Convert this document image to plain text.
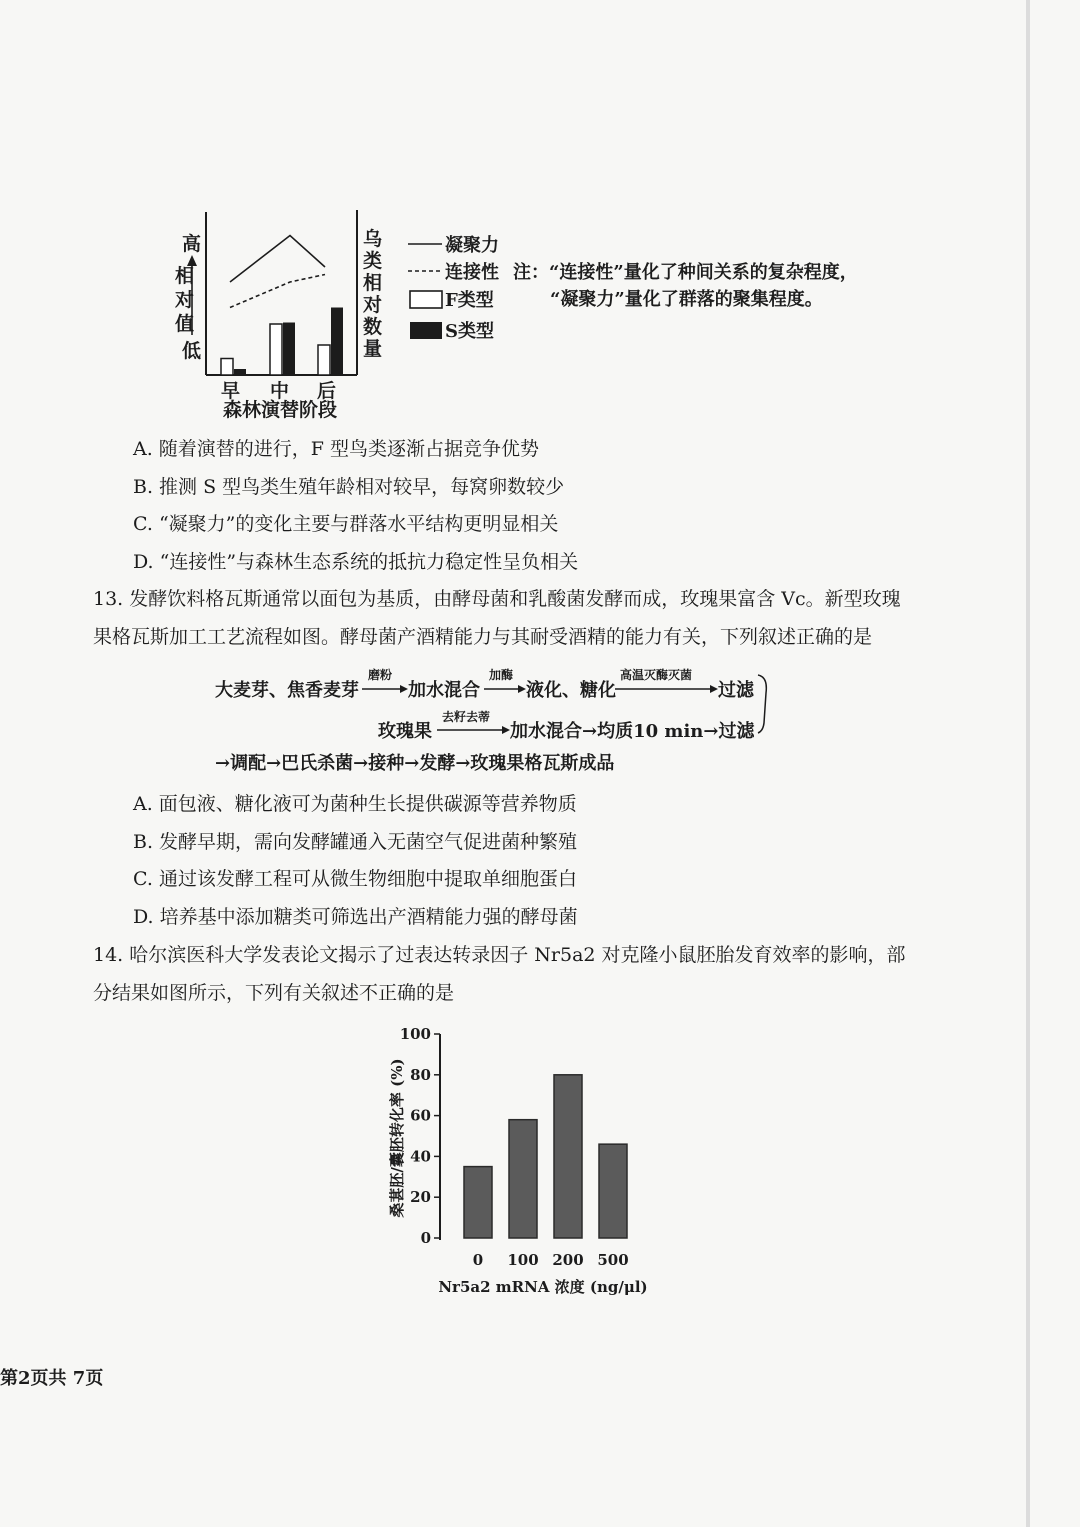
高
相 对 值
低
乌类相对数量
早 中 后
森林演替阶段
凝聚力
连接性
F类型
S类型
注：“连接性”量化了种间关系的复杂程度，
“凝聚力”量化了群落的聚集程度。
A. 随着演替的进行，F 型鸟类逐渐占据竞争优势
B. 推测 S 型鸟类生殖年龄相对较早，每窝卵数较少
C. “凝聚力”的变化主要与群落水平结构更明显相关
D. “连接性”与森林生态系统的抵抗力稳定性呈负相关
13. 发酵饮料格瓦斯通常以面包为基质，由酵母菌和乳酸菌发酵而成，玫瑰果富含 Vc。新型玫瑰
果格瓦斯加工工艺流程如图。酵母菌产酒精能力与其耐受酒精的能力有关，下列叙述正确的是
大麦芽、焦香麦芽
磨粉
加水混合
加酶
液化、糖化
高温灭酶灭菌
过滤
玫瑰果
去籽去蒂
加水混合→均质10 min→过滤
→调配→巴氏杀菌→接种→发酵→玫瑰果格瓦斯成品
A. 面包液、糖化液可为菌种生长提供碳源等营养物质
B. 发酵早期，需向发酵罐通入无菌空气促进菌种繁殖
C. 通过该发酵工程可从微生物细胞中提取单细胞蛋白
D. 培养基中添加糖类可筛选出产酒精能力强的酵母菌
14. 哈尔滨医科大学发表论文揭示了过表达转录因子 Nr5a2 对克隆小鼠胚胎发育效率的影响，部
分结果如图所示，下列有关叙述不正确的是
桑葚胚/囊胚转化率 (%)
0
20
40
60
80
100
0 100 200 500
Nr5a2 mRNA 浓度 (ng/μl)
第2页共 7页
